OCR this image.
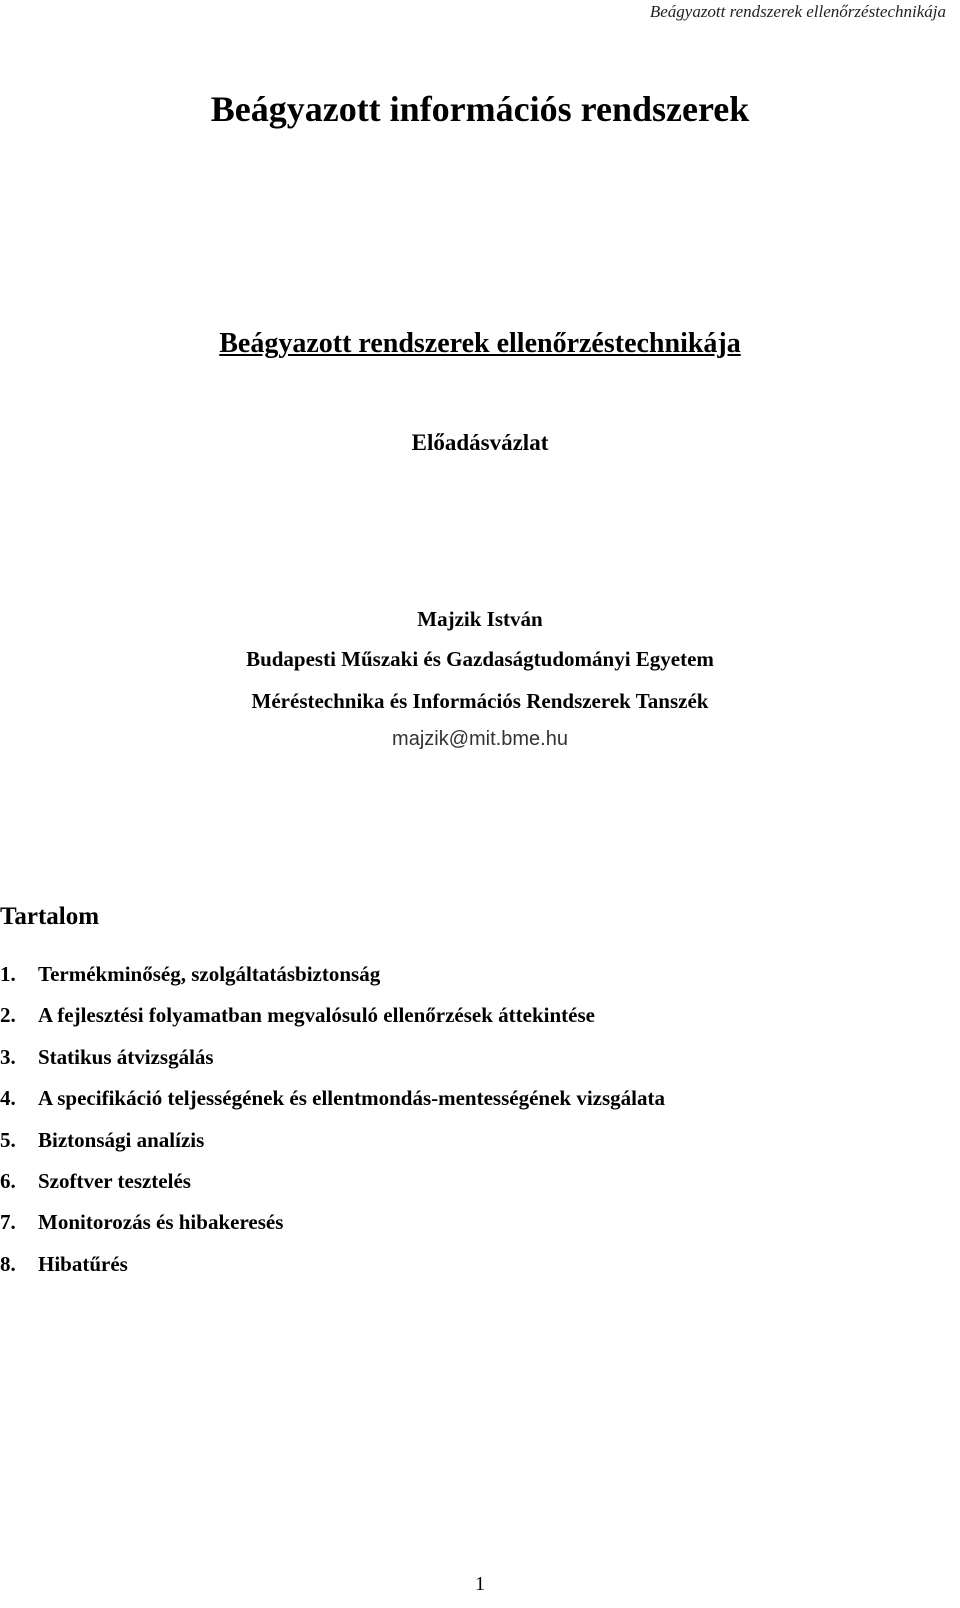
Beágyazott rendszerek ellenőrzéstechnikája
Beágyazott információs rendszerek
Beágyazott rendszerek ellenőrzéstechnikája
Előadásvázlat
Majzik István
Budapesti Műszaki és Gazdaságtudományi Egyetem
Méréstechnika és Információs Rendszerek Tanszék
majzik@mit.bme.hu
Tartalom
1. Termékminőség, szolgáltatásbiztonság
2. A fejlesztési folyamatban megvalósuló ellenőrzések áttekintése
3. Statikus átvizsgálás
4. A specifikáció teljességének és ellentmondás-mentességének vizsgálata
5. Biztonsági analízis
6. Szoftver tesztelés
7. Monitorozás és hibakeresés
8. Hibatűrés
1
